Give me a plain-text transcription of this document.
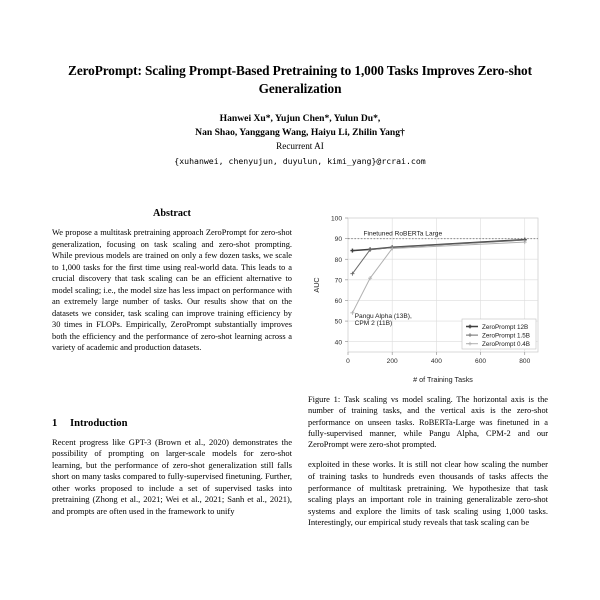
ZeroPrompt: Scaling Prompt-Based Pretraining to 1,000 Tasks Improves Zero-shot Generalization
Hanwei Xu*, Yujun Chen*, Yulun Du*,
Nan Shao, Yanggang Wang, Haiyu Li, Zhilin Yang†
Recurrent AI
{xuhanwei, chenyujun, duyulun, kimi_yang}@rcrai.com
Abstract

We propose a multitask pretraining approach ZeroPrompt for zero-shot generalization, focusing on task scaling and zero-shot prompting. While previous models are trained on only a few dozen tasks, we scale to 1,000 tasks for the first time using real-world data. This leads to a crucial discovery that task scaling can be an efficient alternative to model scaling; i.e., the model size has less impact on performance with an extremely large number of tasks. Our results show that on the datasets we consider, task scaling can improve training efficiency by 30 times in FLOPs. Empirically, ZeroPrompt substantially improves both the efficiency and the performance of zero-shot learning across a variety of academic and production datasets.

1 Introduction

Recent progress like GPT-3 (Brown et al., 2020) demonstrates the possibility of prompting on larger-scale models for zero-shot learning, but the performance of zero-shot generalization still falls short on many tasks compared to fully-supervised finetuning. Further, other works proposed to include a set of supervised tasks into pretraining (Zhong et al., 2021; Wei et al., 2021; Sanh et al., 2021), and prompts are often used in the framework to unify

40
50
60
70
80
90
100
0	200	400	600	800
# of Training Tasks
AUC
Finetuned RoBERTa Large
Pangu Alpha (13B),
CPM 2 (11B)
ZeroPrompt 12B
ZeroPrompt 1.5B
ZeroPrompt 0.4B

Figure 1: Task scaling vs model scaling. The horizontal axis is the number of training tasks, and the vertical axis is the zero-shot performance on unseen tasks. RoBERTa-Large was finetuned in a fully-supervised manner, while Pangu Alpha, CPM-2 and our ZeroPrompt were zero-shot prompted.

exploited in these works. It is still not clear how scaling the number of training tasks to hundreds even thousands of tasks affects the performance of multitask pretraining. We hypothesize that task scaling plays an important role in training generalizable zero-shot systems and explore the limits of task scaling using 1,000 tasks. Interestingly, our empirical study reveals that task scaling can be
